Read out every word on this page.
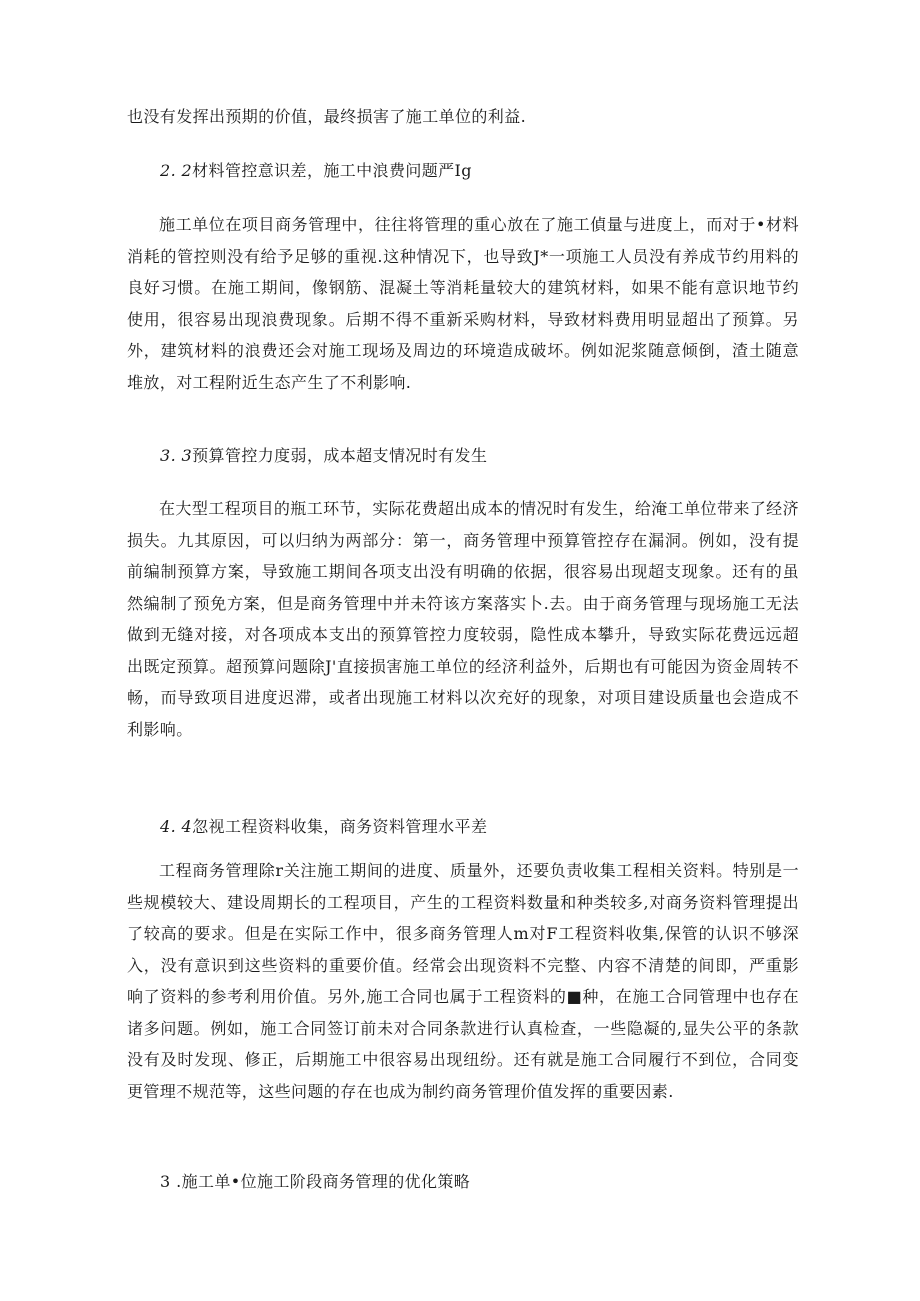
也没有发挥出预期的价值，最终损害了施工单位的利益.

2. 2材料管控意识差，施工中浪费问题严Ig

施工单位在项目商务管理中，往往将管理的重心放在了施工偵量与进度上，而对于•材料消耗的管控则没有给予足够的重视.这种情况下，也导致J*一项施工人员没有养成节约用料的良好习惯。在施工期间，像钢筋、混凝土等消耗量较大的建筑材料，如果不能有意识地节约使用，很容易出现浪费现象。后期不得不重新采购材料，导致材料费用明显超出了预算。另外，建筑材料的浪费还会对施工现场及周边的环境造成破坏。例如泥浆随意倾倒，渣土随意堆放，对工程附近生态产生了不利影响.

3. 3预算管控力度弱，成本超支情况时有发生

在大型工程项目的瓶工环节，实际花费超出成本的情况时有发生，给淹工单位带来了经济损失。九其原因，可以归纳为两部分：第一，商务管理中预算管控存在漏洞。例如，没有提前编制预算方案，导致施工期间各项支出没有明确的依据，很容易出现超支现象。还有的虽然编制了预免方案，但是商务管理中并未符该方案落实卜.去。由于商务管理与现场施工无法做到无缝对接，对各项成本支出的预算管控力度较弱，隐性成本攀升，导致实际花费远远超出既定预算。超预算问题除J'直接损害施工单位的经济利益外，后期也有可能因为资金周转不畅，而导致项目进度迟滞，或者出现施工材料以次充好的现象，对项目建设质量也会造成不利影响。

4. 4忽视工程资料收集，商务资料管理水平差

工程商务管理除r关注施工期间的进度、质量外，还要负责收集工程相关资料。特别是一些规模较大、建设周期长的工程项目，产生的工程资料数量和种类较多,对商务资料管理提出了较高的要求。但是在实际工作中，很多商务管理人m对F工程资料收集,保管的认识不够深入，没有意识到这些资料的重要价值。经常会出现资料不完整、内容不清楚的间即，严重影响了资料的参考利用价值。另外,施工合同也属于工程资料的■种，在施工合同管理中也存在诸多问题。例如，施工合同签订前未对合同条款进行认真检查，一些隐凝的,显失公平的条款没有及时发现、修正，后期施工中很容易出现纽纷。还有就是施工合同履行不到位，合同变更管理不规范等，这些问题的存在也成为制约商务管理价值发挥的重要因素.

3 .施工单•位施工阶段商务管理的优化策略
